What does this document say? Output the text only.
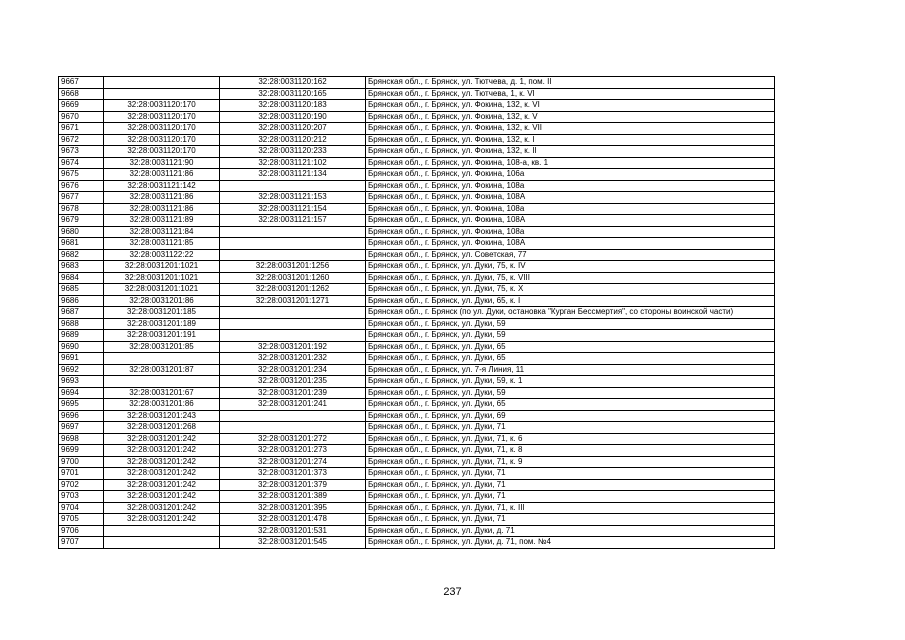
9667		32:28:0031120:162	Брянская обл., г. Брянск, ул. Тютчева, д. 1, пом. II
9668		32:28:0031120:165	Брянская обл., г. Брянск, ул. Тютчева, 1, к. VI
9669	32:28:0031120:170	32:28:0031120:183	Брянская обл., г. Брянск, ул. Фокина, 132, к. VI
9670	32:28:0031120:170	32:28:0031120:190	Брянская обл., г. Брянск, ул. Фокина, 132, к. V
9671	32:28:0031120:170	32:28:0031120:207	Брянская обл., г. Брянск, ул. Фокина, 132, к. VII
9672	32:28:0031120:170	32:28:0031120:212	Брянская обл., г. Брянск, ул. Фокина, 132, к. I
9673	32:28:0031120:170	32:28:0031120:233	Брянская обл., г. Брянск, ул. Фокина, 132, к. II
9674	32:28:0031121:90	32:28:0031121:102	Брянская обл., г. Брянск, ул. Фокина, 108-а, кв. 1
9675	32:28:0031121:86	32:28:0031121:134	Брянская обл., г. Брянск, ул. Фокина, 106а
9676	32:28:0031121:142		Брянская обл., г. Брянск, ул. Фокина, 108а
9677	32:28:0031121:86	32:28:0031121:153	Брянская обл., г. Брянск, ул. Фокина, 108А
9678	32:28:0031121:86	32:28:0031121:154	Брянская обл., г. Брянск, ул. Фокина, 108а
9679	32:28:0031121:89	32:28:0031121:157	Брянская обл., г. Брянск, ул. Фокина, 108А
9680	32:28:0031121:84		Брянская обл., г. Брянск, ул. Фокина, 108а
9681	32:28:0031121:85		Брянская обл., г. Брянск, ул. Фокина, 108А
9682	32:28:0031122:22		Брянская обл., г. Брянск, ул. Советская, 77
9683	32:28:0031201:1021	32:28:0031201:1256	Брянская обл., г. Брянск, ул. Дуки, 75, к. IV
9684	32:28:0031201:1021	32:28:0031201:1260	Брянская обл., г. Брянск, ул. Дуки, 75, к. VIII
9685	32:28:0031201:1021	32:28:0031201:1262	Брянская обл., г. Брянск, ул. Дуки, 75, к. X
9686	32:28:0031201:86	32:28:0031201:1271	Брянская обл., г. Брянск, ул. Дуки, 65, к. I
9687	32:28:0031201:185		Брянская обл., г. Брянск (по ул. Дуки, остановка "Курган Бессмертия", со стороны воинской части)
9688	32:28:0031201:189		Брянская обл., г. Брянск, ул. Дуки, 59
9689	32:28:0031201:191		Брянская обл., г. Брянск, ул. Дуки, 59
9690	32:28:0031201:85	32:28:0031201:192	Брянская обл., г. Брянск, ул. Дуки, 65
9691		32:28:0031201:232	Брянская обл., г. Брянск, ул. Дуки, 65
9692	32:28:0031201:87	32:28:0031201:234	Брянская обл., г. Брянск, ул. 7-я Линия, 11
9693		32:28:0031201:235	Брянская обл., г. Брянск, ул. Дуки, 59, к. 1
9694	32:28:0031201:67	32:28:0031201:239	Брянская обл., г. Брянск, ул. Дуки, 59
9695	32:28:0031201:86	32:28:0031201:241	Брянская обл., г. Брянск, ул. Дуки, 65
9696	32:28:0031201:243		Брянская обл., г. Брянск, ул. Дуки, 69
9697	32:28:0031201:268		Брянская обл., г. Брянск, ул. Дуки, 71
9698	32:28:0031201:242	32:28:0031201:272	Брянская обл., г. Брянск, ул. Дуки, 71, к. 6
9699	32:28:0031201:242	32:28:0031201:273	Брянская обл., г. Брянск, ул. Дуки, 71, к. 8
9700	32:28:0031201:242	32:28:0031201:274	Брянская обл., г. Брянск, ул. Дуки, 71, к. 9
9701	32:28:0031201:242	32:28:0031201:373	Брянская обл., г. Брянск, ул. Дуки, 71
9702	32:28:0031201:242	32:28:0031201:379	Брянская обл., г. Брянск, ул. Дуки, 71
9703	32:28:0031201:242	32:28:0031201:389	Брянская обл., г. Брянск, ул. Дуки, 71
9704	32:28:0031201:242	32:28:0031201:395	Брянская обл., г. Брянск, ул. Дуки, 71, к. III
9705	32:28:0031201:242	32:28:0031201:478	Брянская обл., г. Брянск, ул. Дуки, 71
9706		32:28:0031201:531	Брянская обл., г. Брянск, ул. Дуки, д. 71
9707		32:28:0031201:545	Брянская обл., г. Брянск, ул. Дуки, д. 71, пом. №4
237
